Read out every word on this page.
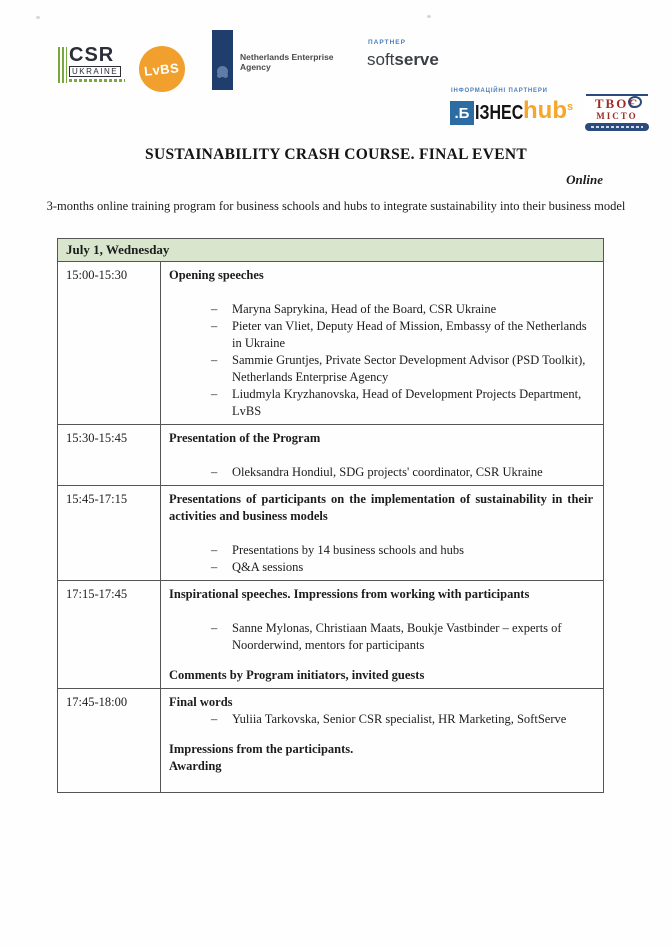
CSR
UKRAINE LvBS
Netherlands Enterprise Agency
ПАРТНЕР
softserve
ІНФОРМАЦІЙНІ ПАРТНЕРИ
.Б ІЗНЕС hub$^s$	ТВОЄ
МІСТО
SUSTAINABILITY CRASH COURSE. FINAL EVENT
Online
3-months online training program for business schools and hubs to integrate sustainability into their business model
July 1, Wednesday
15:00-15:30	Opening speeches
– Maryna Saprykina, Head of the Board, CSR Ukraine
– Pieter van Vliet, Deputy Head of Mission, Embassy of the Netherlands in Ukraine
– Sammie Gruntjes, Private Sector Development Advisor (PSD Toolkit), Netherlands Enterprise Agency
– Liudmyla Kryzhanovska, Head of Development Projects Department, LvBS
15:30-15:45	Presentation of the Program
– Oleksandra Hondiul, SDG projects' coordinator, CSR Ukraine
15:45-17:15	Presentations of participants on the implementation of sustainability in their activities and business models
– Presentations by 14 business schools and hubs
– Q&A sessions
17:15-17:45	Inspirational speeches. Impressions from working with participants
– Sanne Mylonas, Christiaan Maats, Boukje Vastbinder – experts of Noorderwind, mentors for participants
Comments by Program initiators, invited guests
17:45-18:00	Final words
– Yuliia Tarkovska, Senior CSR specialist, HR Marketing, SoftServe
Impressions from the participants.
Awarding
